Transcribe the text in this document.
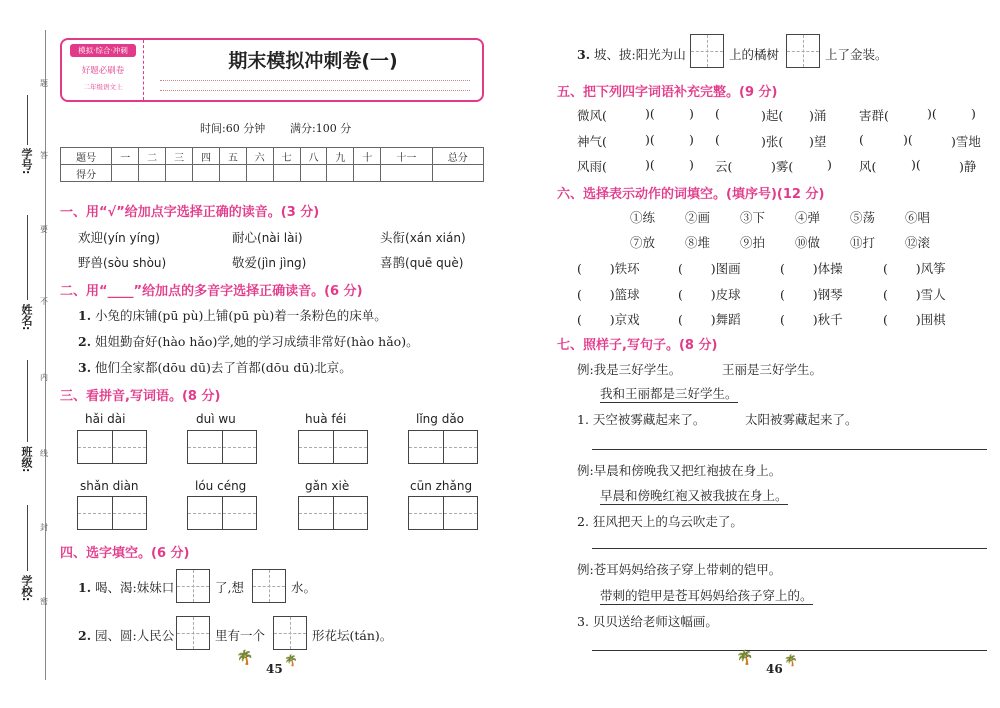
学号:
姓名:
班级:
学校:
题
答
要
不
内
线
封
密
模拟·综合·冲刺
好题必刷卷
二年级语文上
期末模拟冲刺卷(一)
时间:60 分钟 满分:100 分
题号	一	二	三	四	五	六	七	八	九	十	十一	总分
得分												
一、用“√”给加点字选择正确的读音。(3 分)
欢迎(yín yíng)	耐心(nài lài)	头衔(xán xián)
野兽(sòu shòu)	敬爱(jìn jìng)	喜鹊(quē què)
二、用“____”给加点的多音字选择正确读音。(6 分)
1. 小兔的床铺(pū pù)上铺(pū pù)着一条粉色的床单。
2. 姐姐勤奋好(hào hǎo)学,她的学习成绩非常好(hào hǎo)。
3. 他们全家都(dōu dū)去了首都(dōu dū)北京。
三、看拼音,写词语。(8 分)
hǎi dài	duì wu	huà féi	lǐng dǎo
shǎn diàn	lóu céng	gǎn xiè	cūn zhǎng
四、选字填空。(6 分)
1. 喝、渴:妹妹口	了,想	水。
2. 园、圆:人民公	里有一个	形花坛(tán)。
🌴
45
🌴
3. 坡、披:阳光为山	上的橘树	上了金装。
五、把下列四字词语补充完整。(9 分)
微风(	)(	) (	)起( )涌	害群(	)(	)
神气(	)(	) (	)张( )望	(	)(	)雪地
风雨(	)(	) 云(	)雾(	) 风(	)(	)静
六、选择表示动作的词填空。(填序号)(12 分)
①练 ②画 ③下 ④弹 ⑤荡 ⑥唱
⑦放 ⑧堆 ⑨拍 ⑩做 ⑪打 ⑫滚
(       )铁环	(       )图画	(       )体操	(       )风筝
(       )篮球	(       )皮球	(       )钢琴	(       )雪人
(       )京戏	(       )舞蹈	(       )秋千	(       )围棋
七、照样子,写句子。(8 分)
例:我是三好学生。	王丽是三好学生。
我和王丽都是三好学生。
1. 天空被雾藏起来了。	太阳被雾藏起来了。
例:早晨和傍晚我又把红袍披在身上。
早晨和傍晚红袍又被我披在身上。
2. 狂风把天上的乌云吹走了。
例:苍耳妈妈给孩子穿上带刺的铠甲。
带刺的铠甲是苍耳妈妈给孩子穿上的。
3. 贝贝送给老师这幅画。
🌴
46
🌴
